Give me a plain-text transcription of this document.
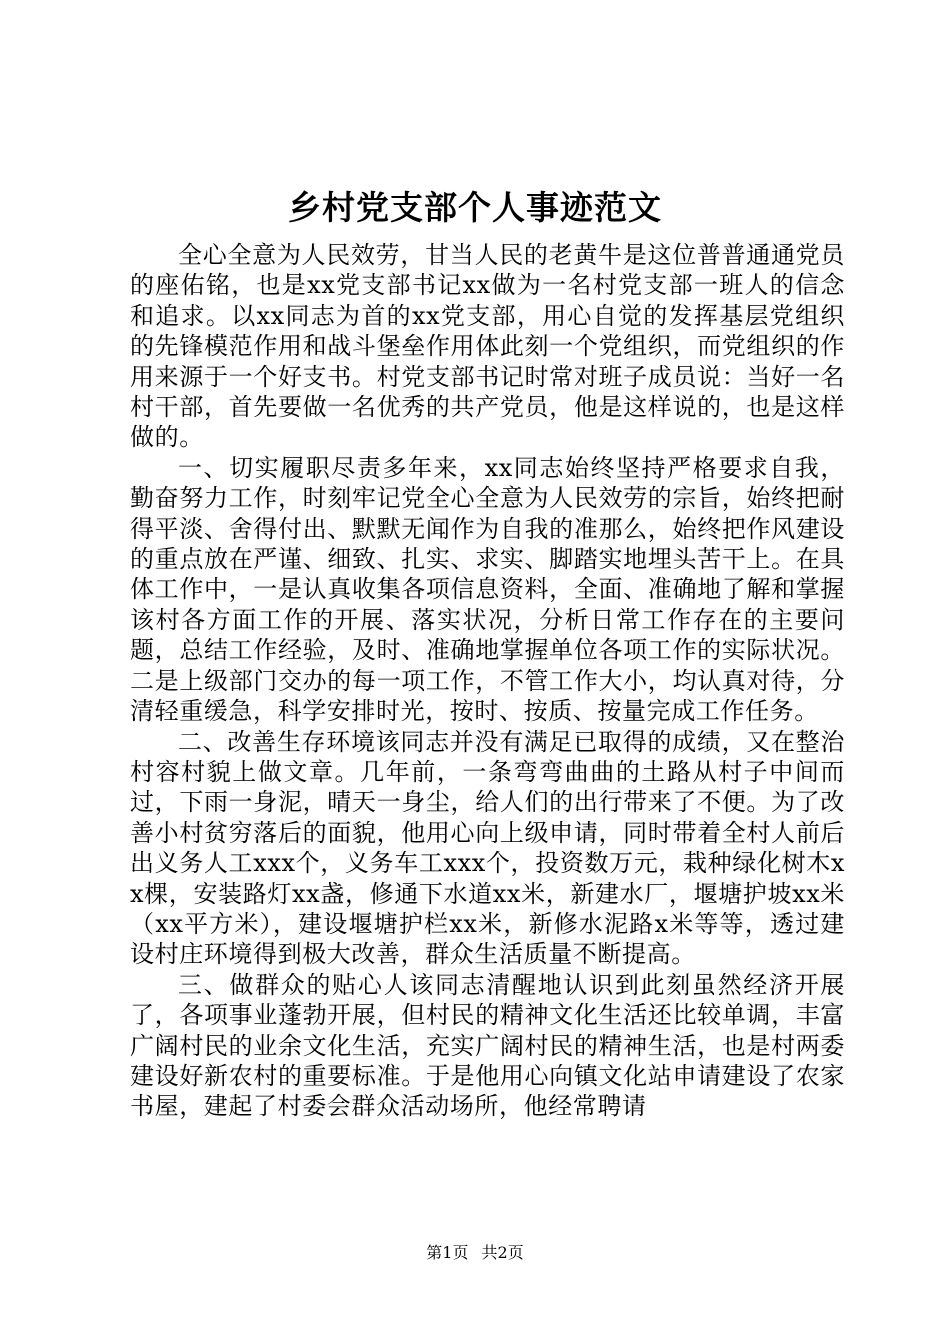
乡村党支部个人事迹范文

全心全意为人民效劳，甘当人民的老黄牛是这位普普通通党员的座佑铭，也是xx党支部书记xx做为一名村党支部一班人的信念和追求。以xx同志为首的xx党支部，用心自觉的发挥基层党组织的先锋模范作用和战斗堡垒作用体此刻一个党组织，而党组织的作用来源于一个好支书。村党支部书记时常对班子成员说：当好一名村干部，首先要做一名优秀的共产党员，他是这样说的，也是这样做的。

一、切实履职尽责多年来，xx同志始终坚持严格要求自我，勤奋努力工作，时刻牢记党全心全意为人民效劳的宗旨，始终把耐得平淡、舍得付出、默默无闻作为自我的准那么，始终把作风建设的重点放在严谨、细致、扎实、求实、脚踏实地埋头苦干上。在具体工作中，一是认真收集各项信息资料，全面、准确地了解和掌握该村各方面工作的开展、落实状况，分析日常工作存在的主要问题，总结工作经验，及时、准确地掌握单位各项工作的实际状况。二是上级部门交办的每一项工作，不管工作大小，均认真对待，分清轻重缓急，科学安排时光，按时、按质、按量完成工作任务。

二、改善生存环境该同志并没有满足已取得的成绩，又在整治村容村貌上做文章。几年前，一条弯弯曲曲的土路从村子中间而过，下雨一身泥，晴天一身尘，给人们的出行带来了不便。为了改善小村贫穷落后的面貌，他用心向上级申请，同时带着全村人前后出义务人工xxx个，义务车工xxx个，投资数万元，栽种绿化树木xx棵，安装路灯xx盏，修通下水道xx米，新建水厂，堰塘护坡xx米（xx平方米），建设堰塘护栏xx米，新修水泥路x米等等，透过建设村庄环境得到极大改善，群众生活质量不断提高。

三、做群众的贴心人该同志清醒地认识到此刻虽然经济开展了，各项事业蓬勃开展，但村民的精神文化生活还比较单调，丰富广阔村民的业余文化生活，充实广阔村民的精神生活，也是村两委建设好新农村的重要标准。于是他用心向镇文化站申请建设了农家书屋，建起了村委会群众活动场所，他经常聘请

第1页 共2页
